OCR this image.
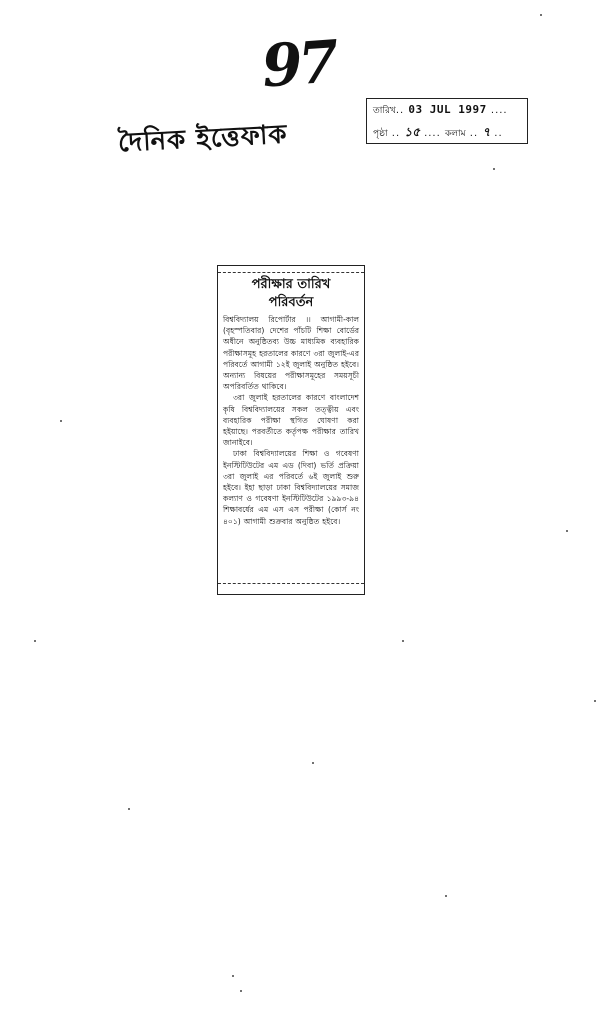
97
দৈনিক ইত্তেফাক
তারিখ.. 03 JUL 1997 ....
পৃষ্ঠা .. ১৫ .... কলাম .. ৭ ..
পরীক্ষার তারিখ
পরিবর্তন

বিশ্ববিদ্যালয় রিপোর্টার ।। আগামী-কাল (বৃহস্পতিবার) দেশের পাঁচটি শিক্ষা বোর্ডের অধীনে অনুষ্ঠিতব্য উচ্চ মাধ্যমিক ব্যবহারিক পরীক্ষাসমূহ হরতালের কারণে ৩রা জুলাই-এর পরিবর্তে আগামী ১২ই জুলাই অনুষ্ঠিত হইবে। অন্যান্য বিষয়ের পরীক্ষাসমূহের সময়সূচী অপরিবর্তিত থাকিবে।

৩রা জুলাই হরতালের কারণে বাংলাদেশ কৃষি বিশ্ববিদ্যালয়ের সকল তত্ত্বীয় এবং ব্যবহারিক পরীক্ষা স্থগিত ঘোষণা করা হইয়াছে। পরবর্তীতে কর্তৃপক্ষ পরীক্ষার তারিখ জানাইবে।

ঢাকা বিশ্ববিদ্যালয়ের শিক্ষা ও গবেষণা ইনস্টিটিউটের এম এড (দিবা) ভর্তি প্রক্রিয়া ৩রা জুলাই এর পরিবর্তে ৬ই জুলাই শুরু হইবে। ইহা ছাড়া ঢাকা বিশ্ববিদ্যালয়ের সমাজ কল্যাণ ও গবেষণা ইনস্টিটিউটের ১৯৯৩-৯৪ শিক্ষাবর্ষের এম এস এস পরীক্ষা (কোর্স নং ৪০১) আগামী শুক্রবার অনুষ্ঠিত হইবে।
